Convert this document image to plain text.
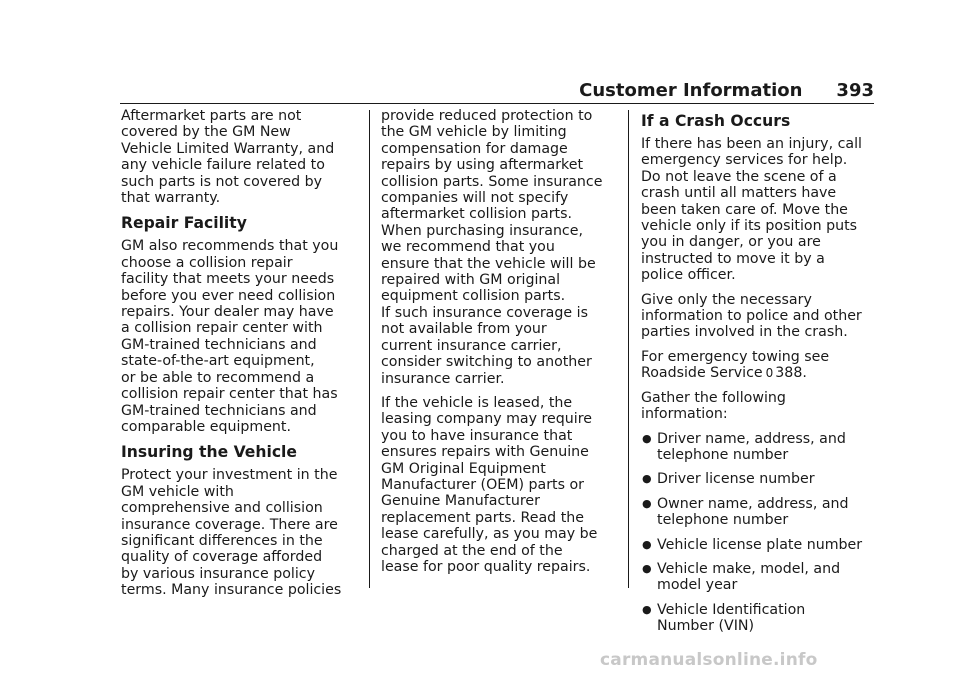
Customer Information 393

Aftermarket parts are not
covered by the GM New
Vehicle Limited Warranty, and
any vehicle failure related to
such parts is not covered by
that warranty.

Repair Facility

GM also recommends that you
choose a collision repair
facility that meets your needs
before you ever need collision
repairs. Your dealer may have
a collision repair center with
GM-trained technicians and
state-of-the-art equipment,
or be able to recommend a
collision repair center that has
GM-trained technicians and
comparable equipment.

Insuring the Vehicle

Protect your investment in the
GM vehicle with
comprehensive and collision
insurance coverage. There are
significant differences in the
quality of coverage afforded
by various insurance policy
terms. Many insurance policies

provide reduced protection to
the GM vehicle by limiting
compensation for damage
repairs by using aftermarket
collision parts. Some insurance
companies will not specify
aftermarket collision parts.
When purchasing insurance,
we recommend that you
ensure that the vehicle will be
repaired with GM original
equipment collision parts.
If such insurance coverage is
not available from your
current insurance carrier,
consider switching to another
insurance carrier.

If the vehicle is leased, the
leasing company may require
you to have insurance that
ensures repairs with Genuine
GM Original Equipment
Manufacturer (OEM) parts or
Genuine Manufacturer
replacement parts. Read the
lease carefully, as you may be
charged at the end of the
lease for poor quality repairs.

If a Crash Occurs

If there has been an injury, call
emergency services for help.
Do not leave the scene of a
crash until all matters have
been taken care of. Move the
vehicle only if its position puts
you in danger, or you are
instructed to move it by a
police officer.

Give only the necessary
information to police and other
parties involved in the crash.

For emergency towing see
Roadside Service 0 388.

Gather the following
information:

● Driver name, address, and
telephone number
● Driver license number
● Owner name, address, and
telephone number
● Vehicle license plate number
● Vehicle make, model, and
model year
● Vehicle Identification
Number (VIN)
carmanualsonline.info
